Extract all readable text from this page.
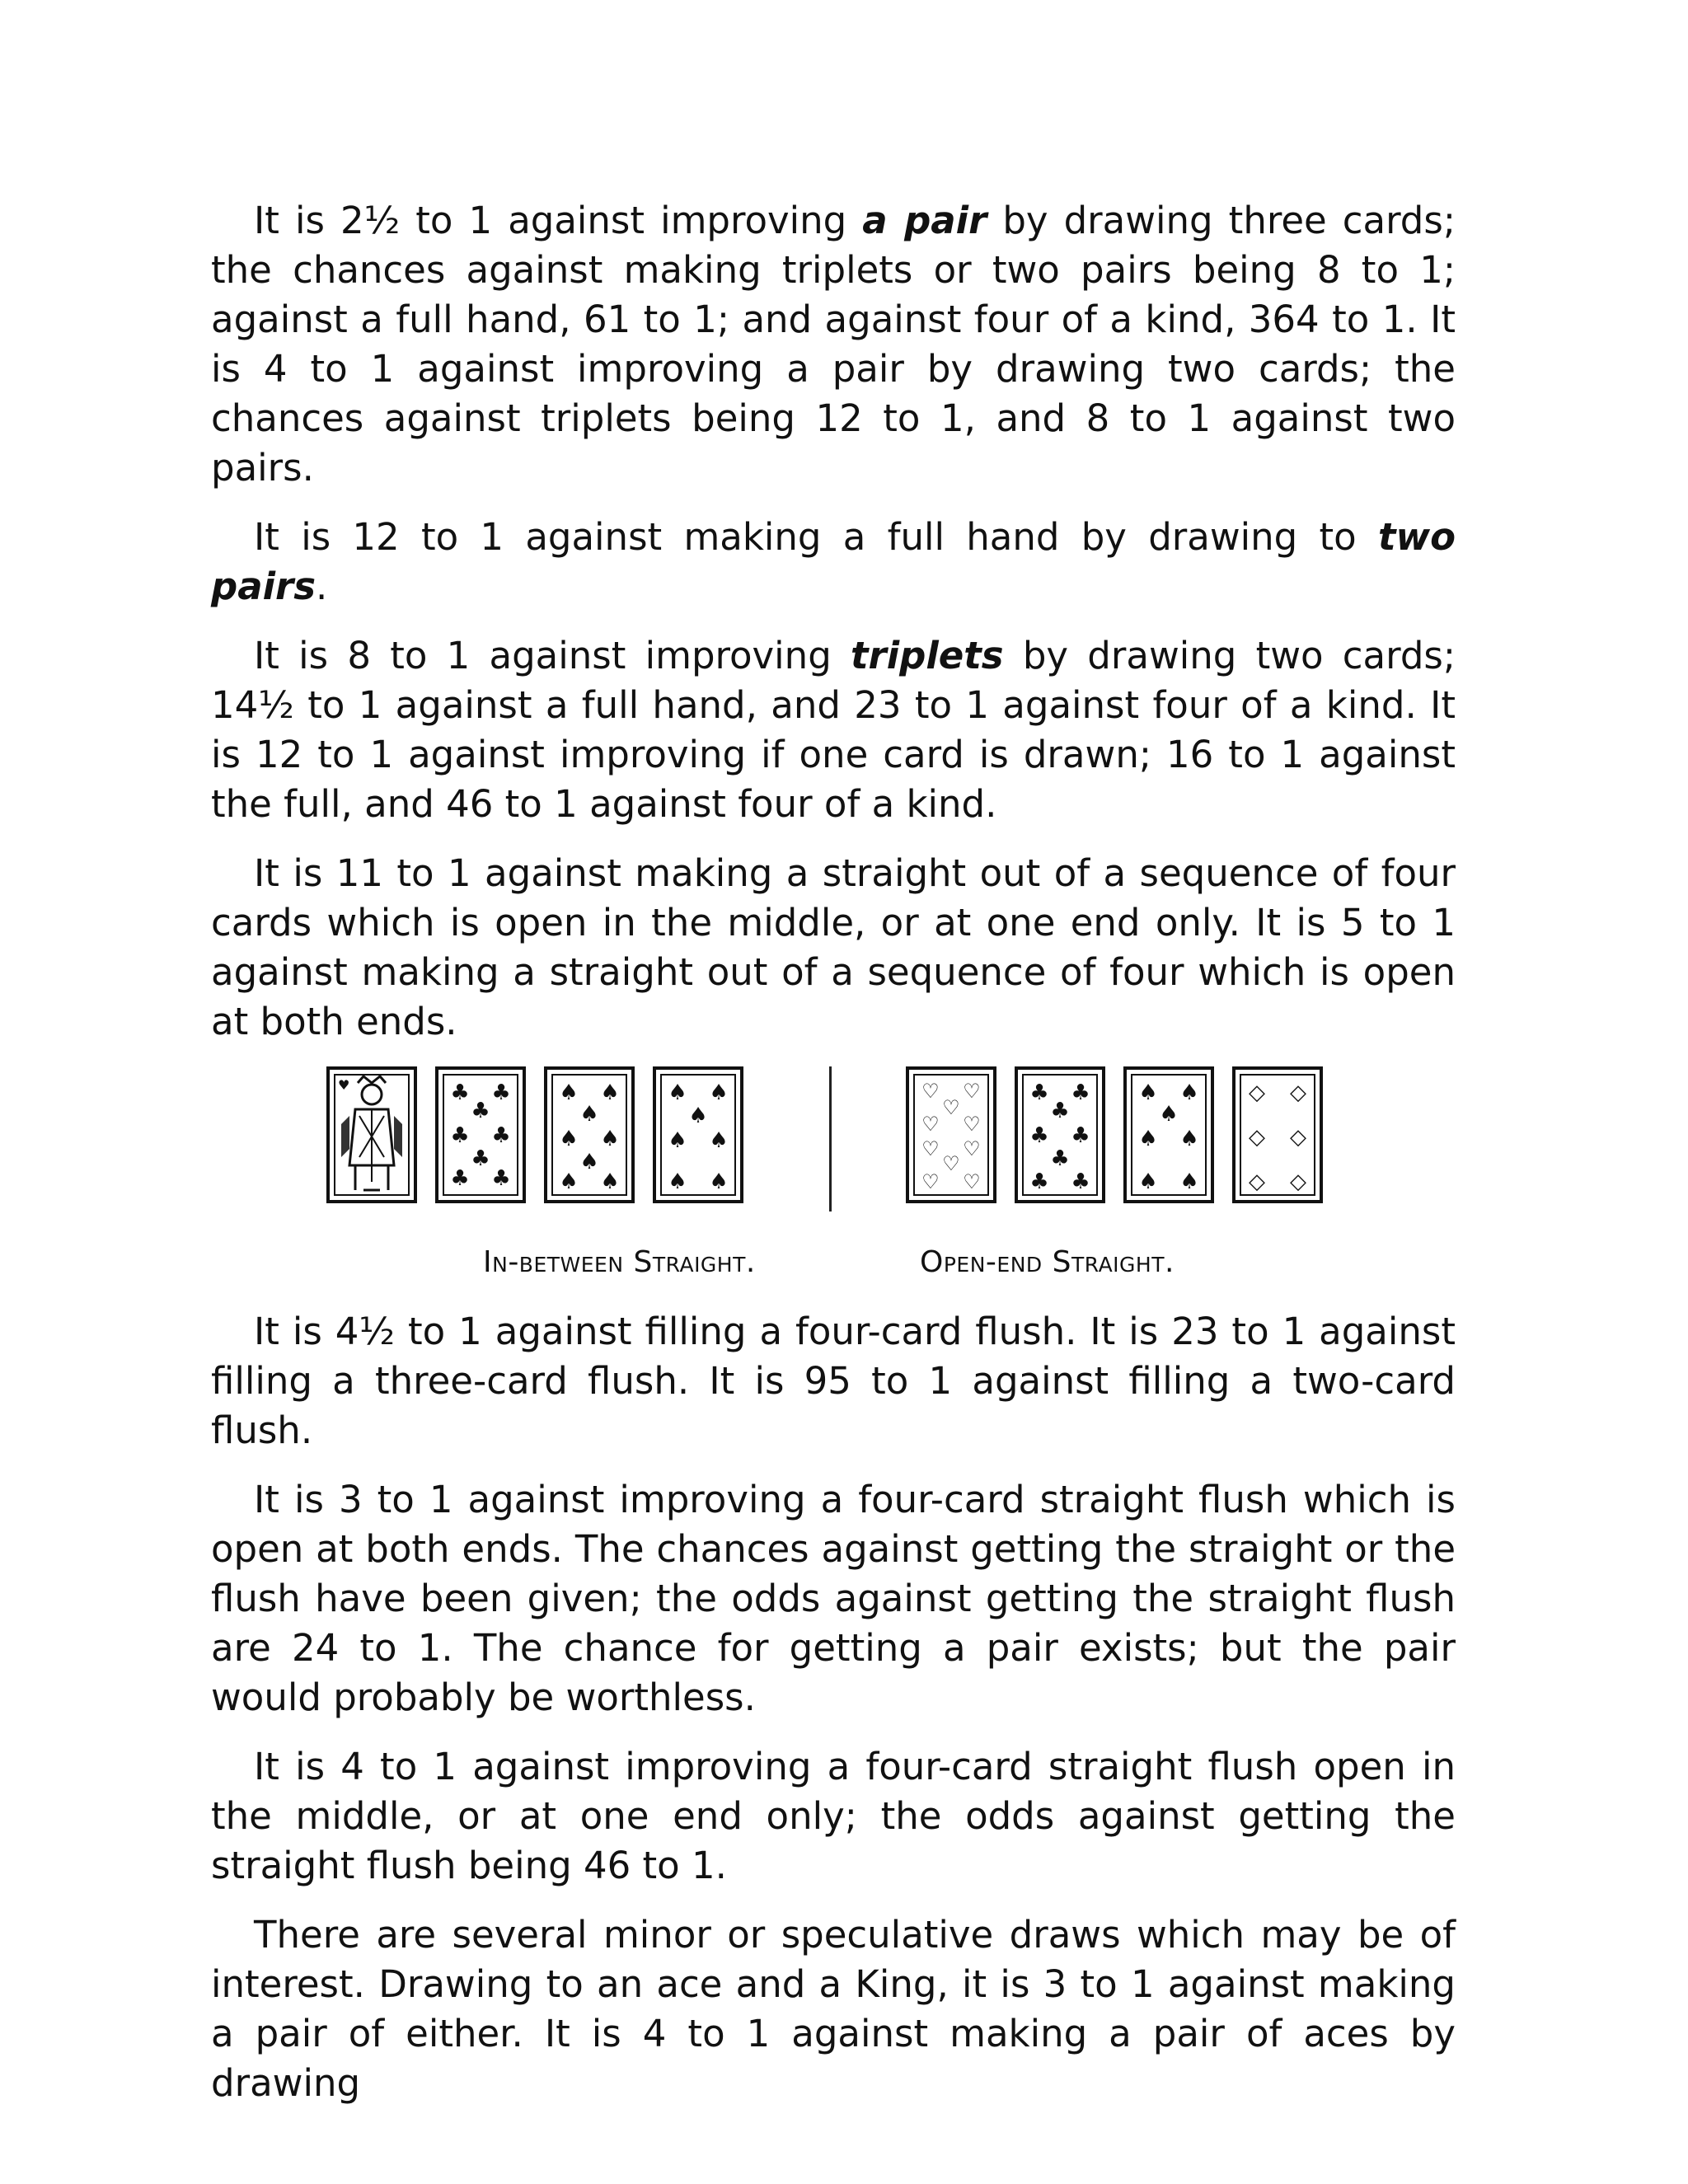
It is 2½ to 1 against improving a pair by drawing three cards; the chances against making triplets or two pairs being 8 to 1; against a full hand, 61 to 1; and against four of a kind, 364 to 1. It is 4 to 1 against improving a pair by drawing two cards; the chances against triplets being 12 to 1, and 8 to 1 against two pairs.

It is 12 to 1 against making a full hand by drawing to two pairs.

It is 8 to 1 against improving triplets by drawing two cards; 14½ to 1 against a full hand, and 23 to 1 against four of a kind. It is 12 to 1 against improving if one card is drawn; 16 to 1 against the full, and 46 to 1 against four of a kind.

It is 11 to 1 against making a straight out of a sequence of four cards which is open in the middle, or at one end only. It is 5 to 1 against making a straight out of a sequence of four which is open at both ends.

♥	♣ ♣
♣
♣ ♣
♣ ♣
♣
♠ ♠
♠
♠ ♠
♠
♠ ♠
♠ ♠
♠
♠ ♠
♠ ♠
♡ ♡
♡
♡ ♡
♡ ♡
♡
♡ ♡
♣ ♣
♣
♣ ♣
♣
♣ ♣
♠ ♠
♠
♠ ♠
♠ ♠
◇ ◇
◇ ◇
◇ ◇
In-between Straight.	Open-end Straight.

It is 4½ to 1 against filling a four-card flush. It is 23 to 1 against filling a three-card flush. It is 95 to 1 against filling a two-card flush.

It is 3 to 1 against improving a four-card straight flush which is open at both ends. The chances against getting the straight or the flush have been given; the odds against getting the straight flush are 24 to 1. The chance for getting a pair exists; but the pair would probably be worthless.

It is 4 to 1 against improving a four-card straight flush open in the middle, or at one end only; the odds against getting the straight flush being 46 to 1.

There are several minor or speculative draws which may be of interest. Drawing to an ace and a King, it is 3 to 1 against making a pair of either. It is 4 to 1 against making a pair of aces by drawing
